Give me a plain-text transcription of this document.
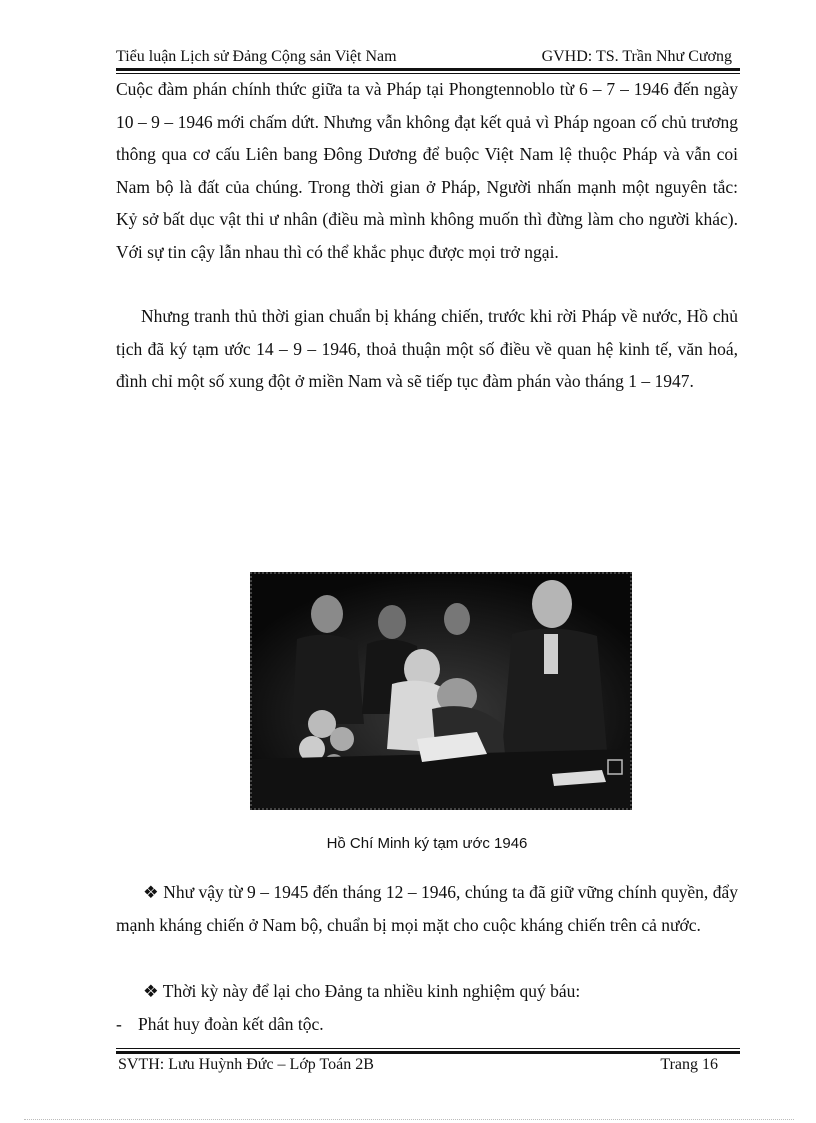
Tiểu luận Lịch sử Đảng Cộng sản Việt Nam	GVHD: TS. Trần Như Cương
Cuộc đàm phán chính thức giữa ta và Pháp tại Phongtennoblo từ 6 – 7 – 1946 đến ngày 10 – 9 – 1946 mới chấm dứt. Nhưng vẫn không đạt kết quả vì Pháp ngoan cố chủ trương thông qua cơ cấu Liên bang Đông Dương để buộc Việt Nam lệ thuộc Pháp và vẫn coi Nam bộ là đất của chúng. Trong thời gian ở Pháp, Người nhấn mạnh một nguyên tắc: Kỷ sở bất dục vật thi ư nhân (điều mà mình không muốn thì đừng làm cho người khác). Với sự tin cậy lẫn nhau thì có thể khắc phục được mọi trở ngại.
Nhưng tranh thủ thời gian chuẩn bị kháng chiến, trước khi rời Pháp về nước, Hồ chủ tịch đã ký tạm ước 14 – 9 – 1946, thoả thuận một số điều về quan hệ kinh tế, văn hoá, đình chỉ một số xung đột ở miền Nam và sẽ tiếp tục đàm phán vào tháng 1 – 1947.
Hồ Chí Minh ký tạm ước 1946
❖ Như vậy từ 9 – 1945 đến tháng 12 – 1946, chúng ta đã giữ vững chính quyền, đẩy mạnh kháng chiến ở Nam bộ, chuẩn bị mọi mặt cho cuộc kháng chiến trên cả nước.
❖ Thời kỳ này để lại cho Đảng ta nhiều kinh nghiệm quý báu:
- Phát huy đoàn kết dân tộc.
SVTH: Lưu Huỳnh Đức – Lớp Toán 2B	Trang 16
